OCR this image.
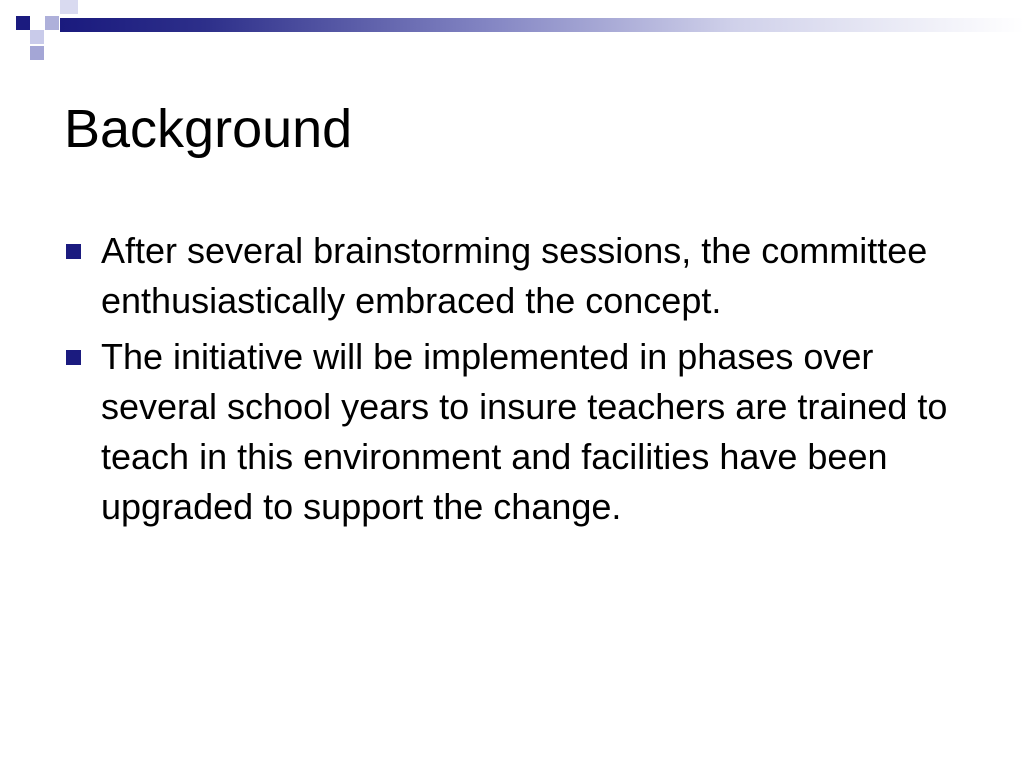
Background
After several brainstorming sessions, the committee enthusiastically embraced the concept.
The initiative will be implemented in phases over several school years to insure teachers are trained to teach in this environment and facilities have been upgraded to support the change.
